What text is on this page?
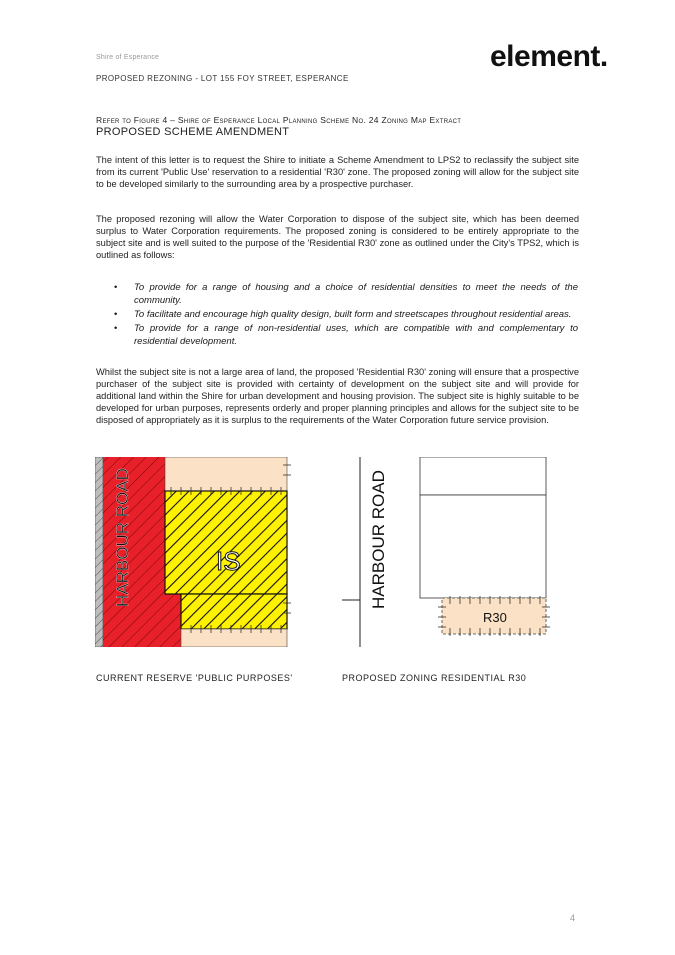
Shire of Esperance
PROPOSED REZONING - LOT 155 FOY STREET, ESPERANCE
element.
Refer to Figure 4 – Shire of Esperance Local Planning Scheme No. 24 Zoning Map Extract
PROPOSED SCHEME AMENDMENT
The intent of this letter is to request the Shire to initiate a Scheme Amendment to LPS2 to reclassify the subject site from its current 'Public Use' reservation to a residential 'R30' zone. The proposed zoning will allow for the subject site to be developed similarly to the surrounding area by a prospective purchaser.
The proposed rezoning will allow the Water Corporation to dispose of the subject site, which has been deemed surplus to Water Corporation requirements. The proposed zoning is considered to be entirely appropriate to the subject site and is well suited to the purpose of the 'Residential R30' zone as outlined under the City's TPS2, which is outlined as follows:
• To provide for a range of housing and a choice of residential densities to meet the needs of the community.
• To facilitate and encourage high quality design, built form and streetscapes throughout residential areas.
• To provide for a range of non-residential uses, which are compatible with and complementary to residential development.
Whilst the subject site is not a large area of land, the proposed 'Residential R30' zoning will ensure that a prospective purchaser of the subject site is provided with certainty of development on the subject site and will provide for additional land within the Shire for urban development and housing provision. The subject site is highly suitable to be developed for urban purposes, represents orderly and proper planning principles and allows for the subject site to be disposed of appropriately as it is surplus to the requirements of the Water Corporation future service provision.
HARBOUR ROAD	IS	HARBOUR ROAD
R30
CURRENT RESERVE 'PUBLIC PURPOSES'	PROPOSED ZONING RESIDENTIAL R30
4
